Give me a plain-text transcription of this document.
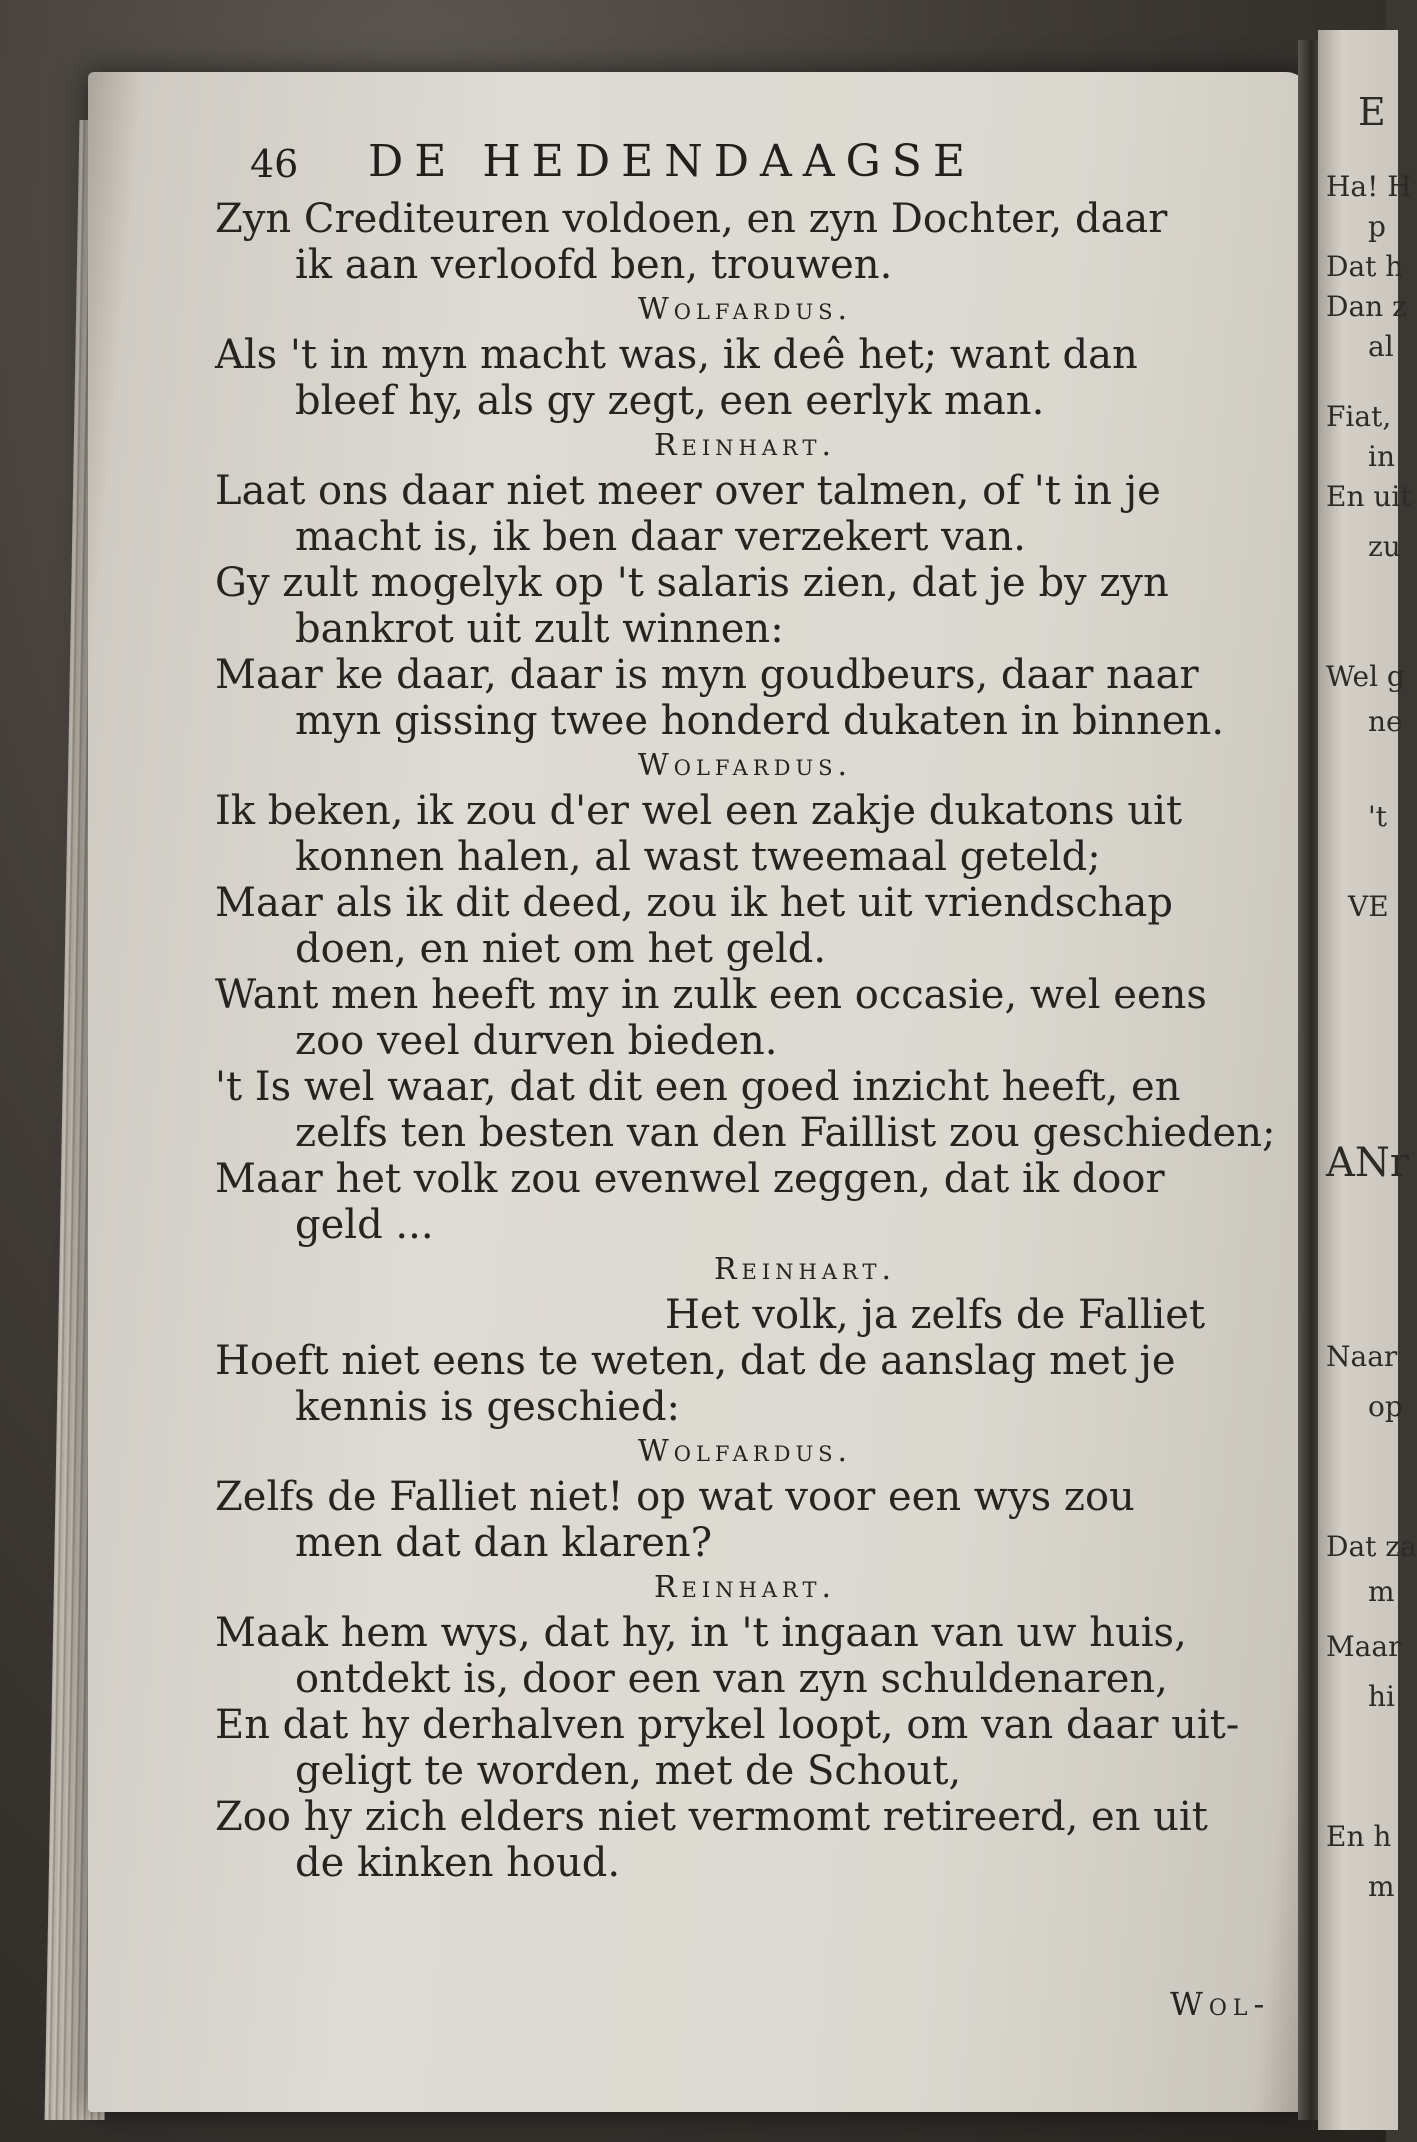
E
Ha! H
p
Dat h
Dan z
al
Fiat,
in
En uit
zu
Wel g
ne
't
VE
ANr
Naar
op
Dat za
m
Maar
hi
En h
m
46 DE HEDENDAAGSE
Zyn Crediteuren voldoen, en zyn Dochter, daar
ik aan verloofd ben, trouwen.
Wolfardus.
Als 't in myn macht was, ik deê het; want dan
bleef hy, als gy zegt, een eerlyk man.
Reinhart.
Laat ons daar niet meer over talmen, of 't in je
macht is, ik ben daar verzekert van.
Gy zult mogelyk op 't salaris zien, dat je by zyn
bankrot uit zult winnen:
Maar ke daar, daar is myn goudbeurs, daar naar
myn gissing twee honderd dukaten in binnen.
Wolfardus.
Ik beken, ik zou d'er wel een zakje dukatons uit
konnen halen, al wast tweemaal geteld;
Maar als ik dit deed, zou ik het uit vriendschap
doen, en niet om het geld.
Want men heeft my in zulk een occasie, wel eens
zoo veel durven bieden.
't Is wel waar, dat dit een goed inzicht heeft, en
zelfs ten besten van den Faillist zou geschieden;
Maar het volk zou evenwel zeggen, dat ik door
geld ...
Reinhart.
Het volk, ja zelfs de Falliet
Hoeft niet eens te weten, dat de aanslag met je
kennis is geschied:
Wolfardus.
Zelfs de Falliet niet! op wat voor een wys zou
men dat dan klaren?
Reinhart.
Maak hem wys, dat hy, in 't ingaan van uw huis,
ontdekt is, door een van zyn schuldenaren,
En dat hy derhalven prykel loopt, om van daar uit-
geligt te worden, met de Schout,
Zoo hy zich elders niet vermomt retireerd, en uit
de kinken houd.
Wol-
